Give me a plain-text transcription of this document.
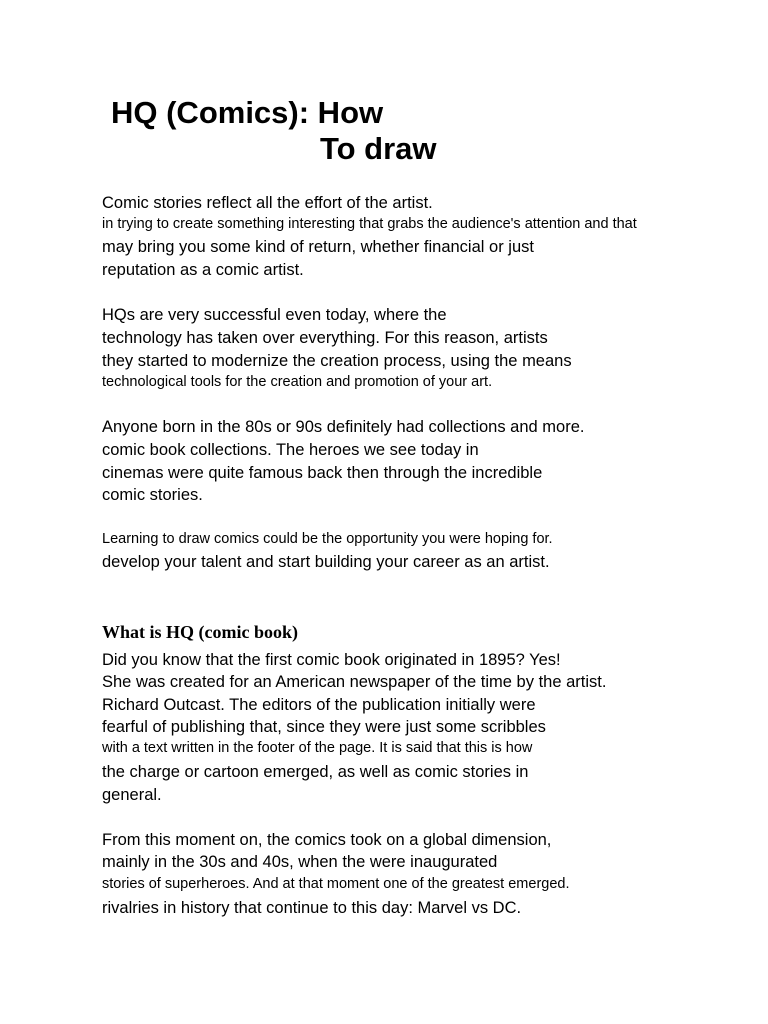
HQ (Comics): How
To draw

Comic stories reflect all the effort of the artist.

in trying to create something interesting that grabs the audience's attention and that

may bring you some kind of return, whether financial or just

reputation as a comic artist.

HQs are very successful even today, where the

technology has taken over everything. For this reason, artists

they started to modernize the creation process, using the means

technological tools for the creation and promotion of your art.

Anyone born in the 80s or 90s definitely had collections and more.

comic book collections. The heroes we see today in

cinemas were quite famous back then through the incredible

comic stories.

Learning to draw comics could be the opportunity you were hoping for.

develop your talent and start building your career as an artist.

What is HQ (comic book)

Did you know that the first comic book originated in 1895? Yes!

She was created for an American newspaper of the time by the artist.

Richard Outcast. The editors of the publication initially were

fearful of publishing that, since they were just some scribbles

with a text written in the footer of the page. It is said that this is how

the charge or cartoon emerged, as well as comic stories in

general.

From this moment on, the comics took on a global dimension,

mainly in the 30s and 40s, when the were inaugurated

stories of superheroes. And at that moment one of the greatest emerged.

rivalries in history that continue to this day: Marvel vs DC.
